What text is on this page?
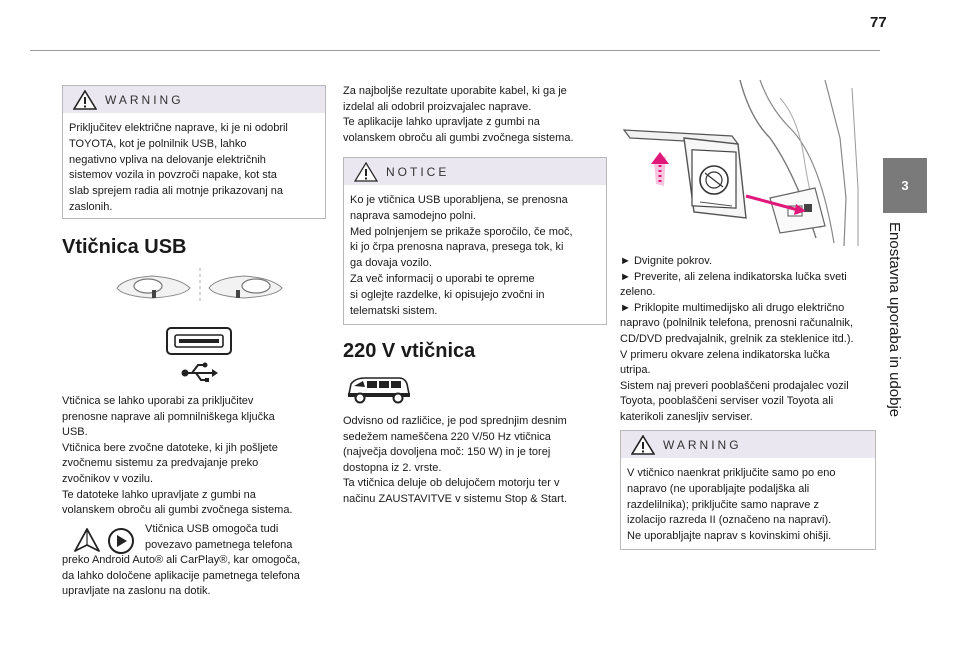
77
3
Enostavna uporaba in udobje
WARNING
Priključitev električne naprave, ki je ni odobril
TOYOTA, kot je polnilnik USB, lahko
negativno vpliva na delovanje električnih
sistemov vozila in povzroči napake, kot sta
slab sprejem radia ali motnje prikazovanj na
zaslonih.
Vtičnica USB
Vtičnica se lahko uporabi za priključitev
prenosne naprave ali pomnilniškega ključka
USB.
Vtičnica bere zvočne datoteke, ki jih pošljete
zvočnemu sistemu za predvajanje preko
zvočnikov v vozilu.
Te datoteke lahko upravljate z gumbi na
volanskem obroču ali gumbi zvočnega sistema.
Vtičnica USB omogoča tudi
povezavo pametnega telefona
preko Android Auto® ali CarPlay®, kar omogoča,
da lahko določene aplikacije pametnega telefona
upravljate na zaslonu na dotik.
Za najboljše rezultate uporabite kabel, ki ga je
izdelal ali odobril proizvajalec naprave.
Te aplikacije lahko upravljate z gumbi na
volanskem obroču ali gumbi zvočnega sistema.
NOTICE
Ko je vtičnica USB uporabljena, se prenosna
naprava samodejno polni.
Med polnjenjem se prikaže sporočilo, če moč,
ki jo črpa prenosna naprava, presega tok, ki
ga dovaja vozilo.
Za več informacij o uporabi te opreme
si oglejte razdelke, ki opisujejo zvočni in
telematski sistem.
220 V vtičnica
Odvisno od različice, je pod sprednjim desnim
sedežem nameščena 220 V/50 Hz vtičnica
(največja dovoljena moč: 150 W) in je torej
dostopna iz 2. vrste.
Ta vtičnica deluje ob delujočem motorju ter v
načinu ZAUSTAVITVE v sistemu Stop & Start.
► Dvignite pokrov.
► Preverite, ali zelena indikatorska lučka sveti
zeleno.
► Priklopite multimedijsko ali drugo električno
napravo (polnilnik telefona, prenosni računalnik,
CD/DVD predvajalnik, grelnik za steklenice itd.).
V primeru okvare zelena indikatorska lučka
utripa.
Sistem naj preveri pooblaščeni prodajalec vozil
Toyota, pooblaščeni serviser vozil Toyota ali
katerikoli zanesljiv serviser.
WARNING
V vtičnico naenkrat priključite samo po eno
napravo (ne uporabljajte podaljška ali
razdelilnika); priključite samo naprave z
izolacijo razreda II (označeno na napravi).
Ne uporabljajte naprav s kovinskimi ohišji.
